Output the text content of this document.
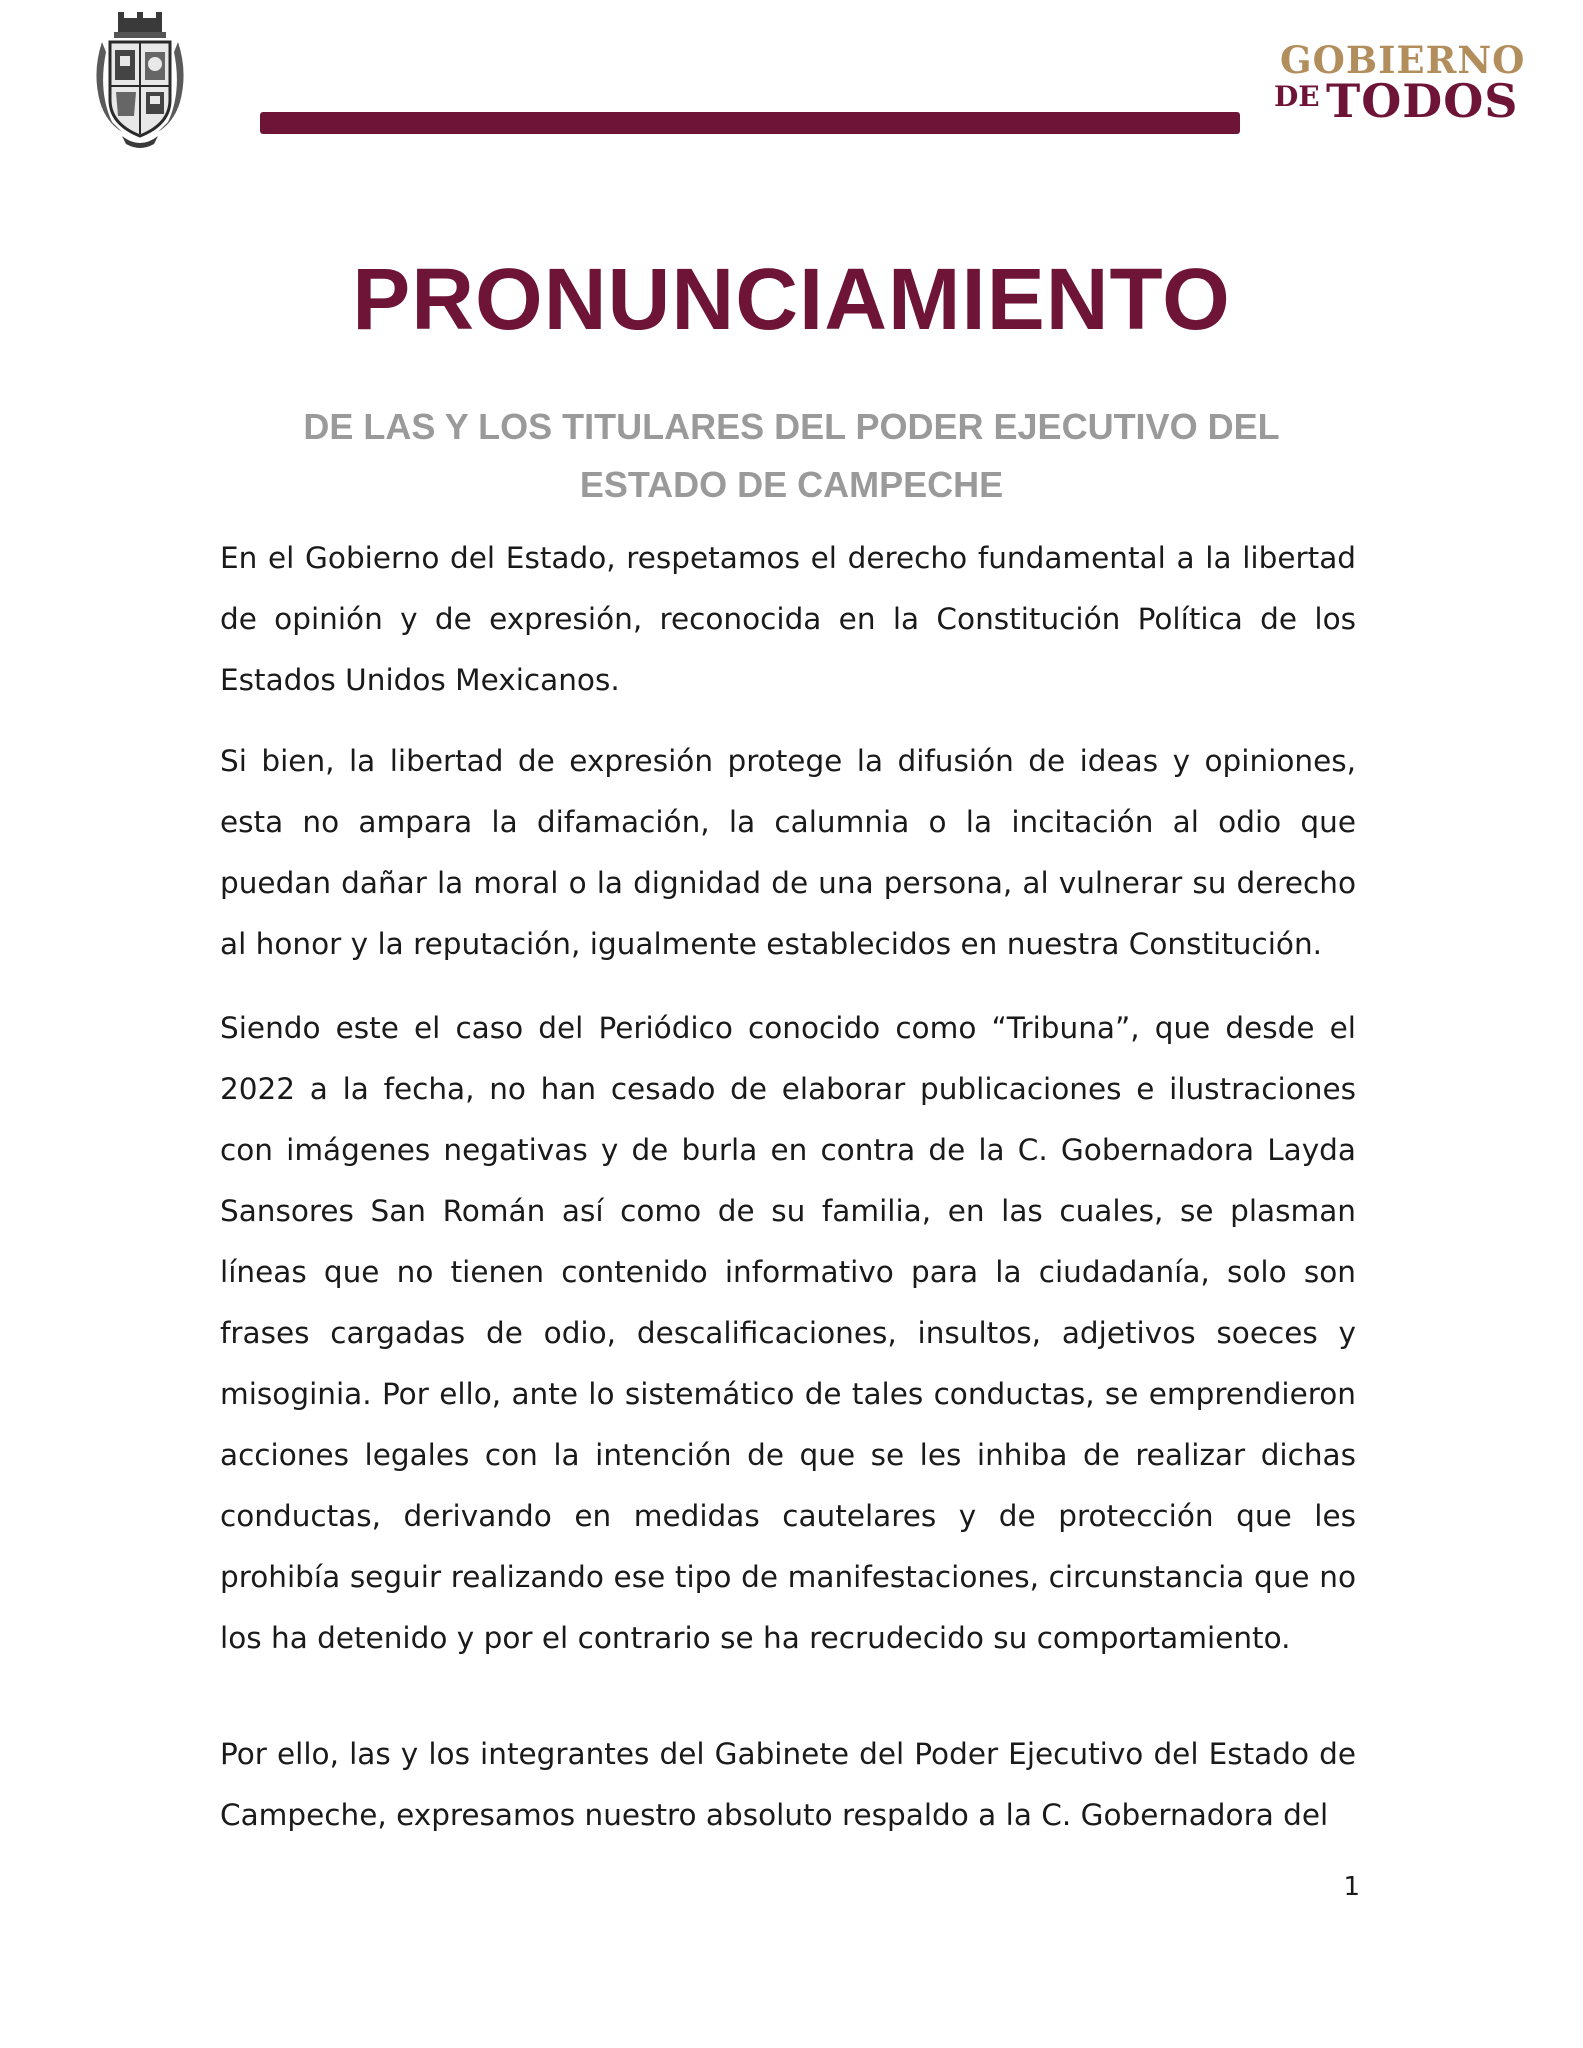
GOBIERNO
DE TODOS
PRONUNCIAMIENTO
DE LAS Y LOS TITULARES DEL PODER EJECUTIVO DEL
ESTADO DE CAMPECHE

En el Gobierno del Estado, respetamos el derecho fundamental a la libertad de opinión y de expresión, reconocida en la Constitución Política de los Estados Unidos Mexicanos.

Si bien, la libertad de expresión protege la difusión de ideas y opiniones, esta no ampara la difamación, la calumnia o la incitación al odio que puedan dañar la moral o la dignidad de una persona, al vulnerar su derecho al honor y la reputación, igualmente establecidos en nuestra Constitución.

Siendo este el caso del Periódico conocido como “Tribuna”, que desde el 2022 a la fecha, no han cesado de elaborar publicaciones e ilustraciones con imágenes negativas y de burla en contra de la C. Gobernadora Layda Sansores San Román así como de su familia, en las cuales, se plasman líneas que no tienen contenido informativo para la ciudadanía, solo son frases cargadas de odio, descalificaciones, insultos, adjetivos soeces y misoginia. Por ello, ante lo sistemático de tales conductas, se emprendieron acciones legales con la intención de que se les inhiba de realizar dichas conductas, derivando en medidas cautelares y de protección que les prohibía seguir realizando ese tipo de manifestaciones, circunstancia que no los ha detenido y por el contrario se ha recrudecido su comportamiento.

Por ello, las y los integrantes del Gabinete del Poder Ejecutivo del Estado de Campeche, expresamos nuestro absoluto respaldo a la C. Gobernadora del

1
